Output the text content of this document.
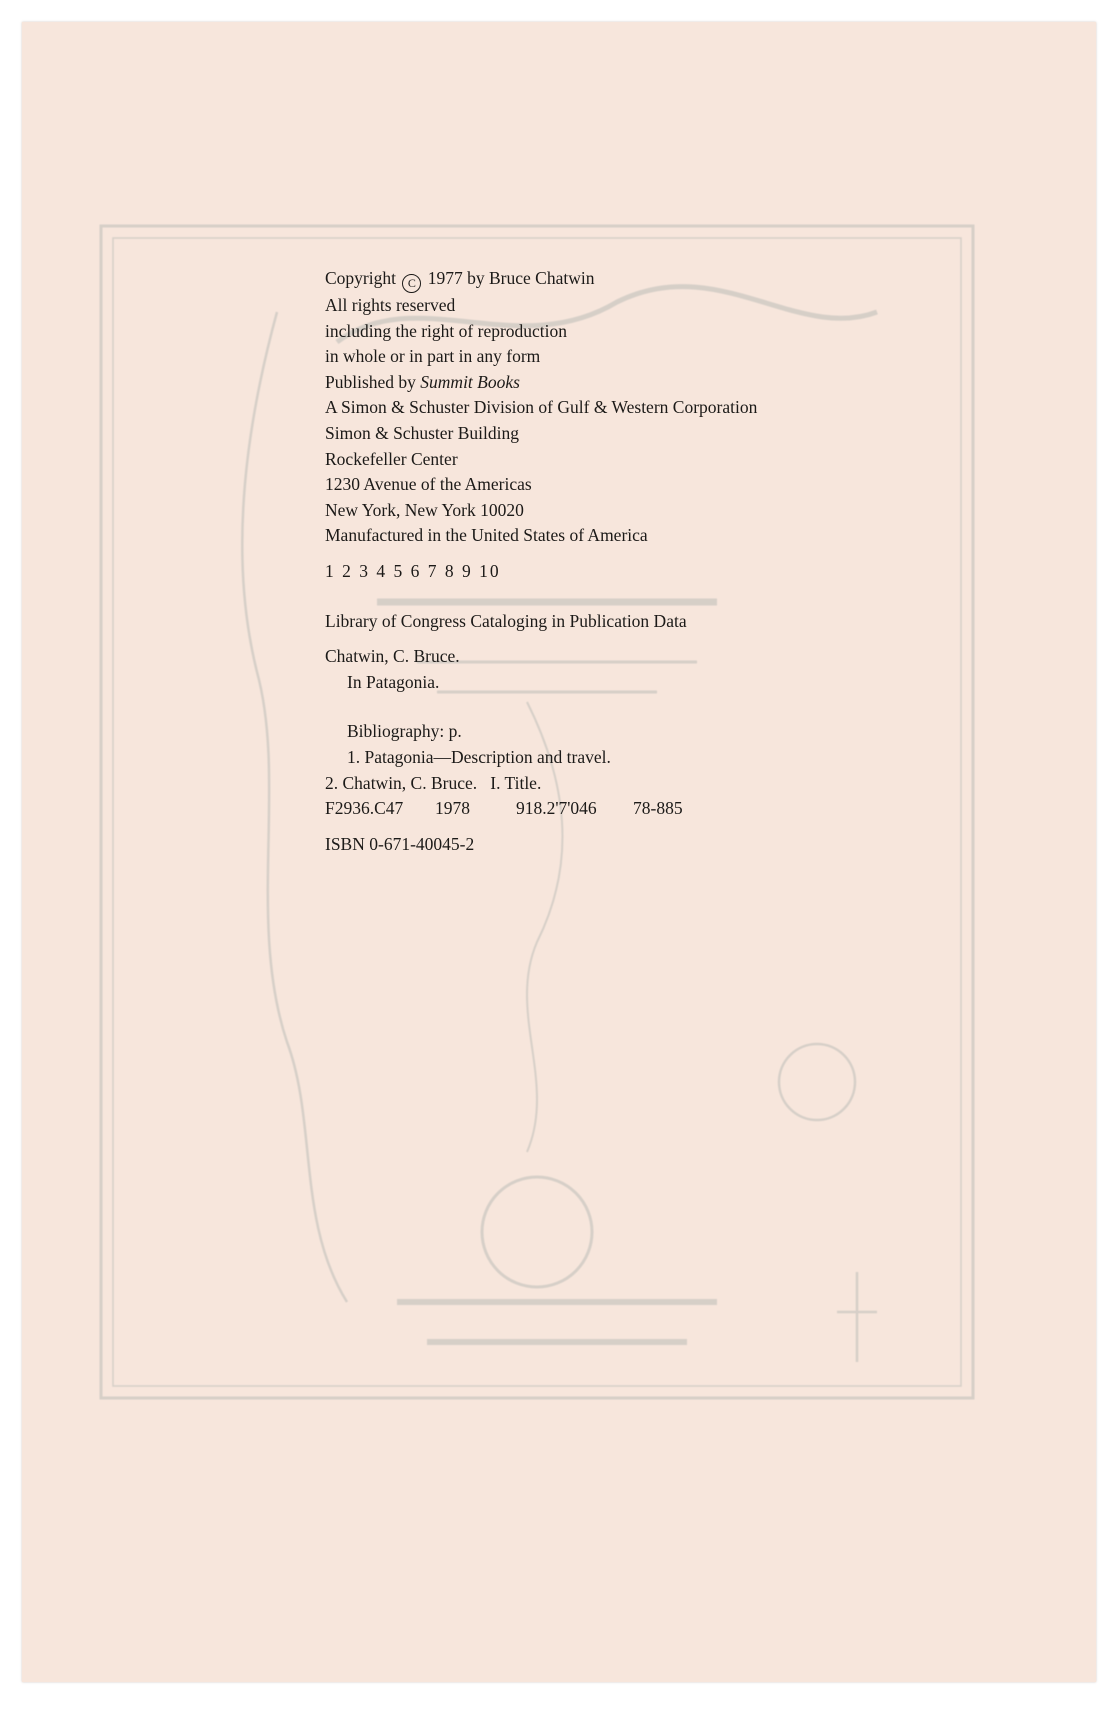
Copyright C 1977 by Bruce Chatwin
All rights reserved
including the right of reproduction
in whole or in part in any form
Published by Summit Books
A Simon & Schuster Division of Gulf & Western Corporation
Simon & Schuster Building
Rockefeller Center
1230 Avenue of the Americas
New York, New York 10020
Manufactured in the United States of America
1 2 3 4 5 6 7 8 9 10
Library of Congress Cataloging in Publication Data
Chatwin, C. Bruce.
In Patagonia.
Bibliography: p.
1. Patagonia—Description and travel.
2. Chatwin, C. Bruce.   I. Title.
F2936.C47	1978	918.2'7'046	78-885
ISBN 0-671-40045-2
